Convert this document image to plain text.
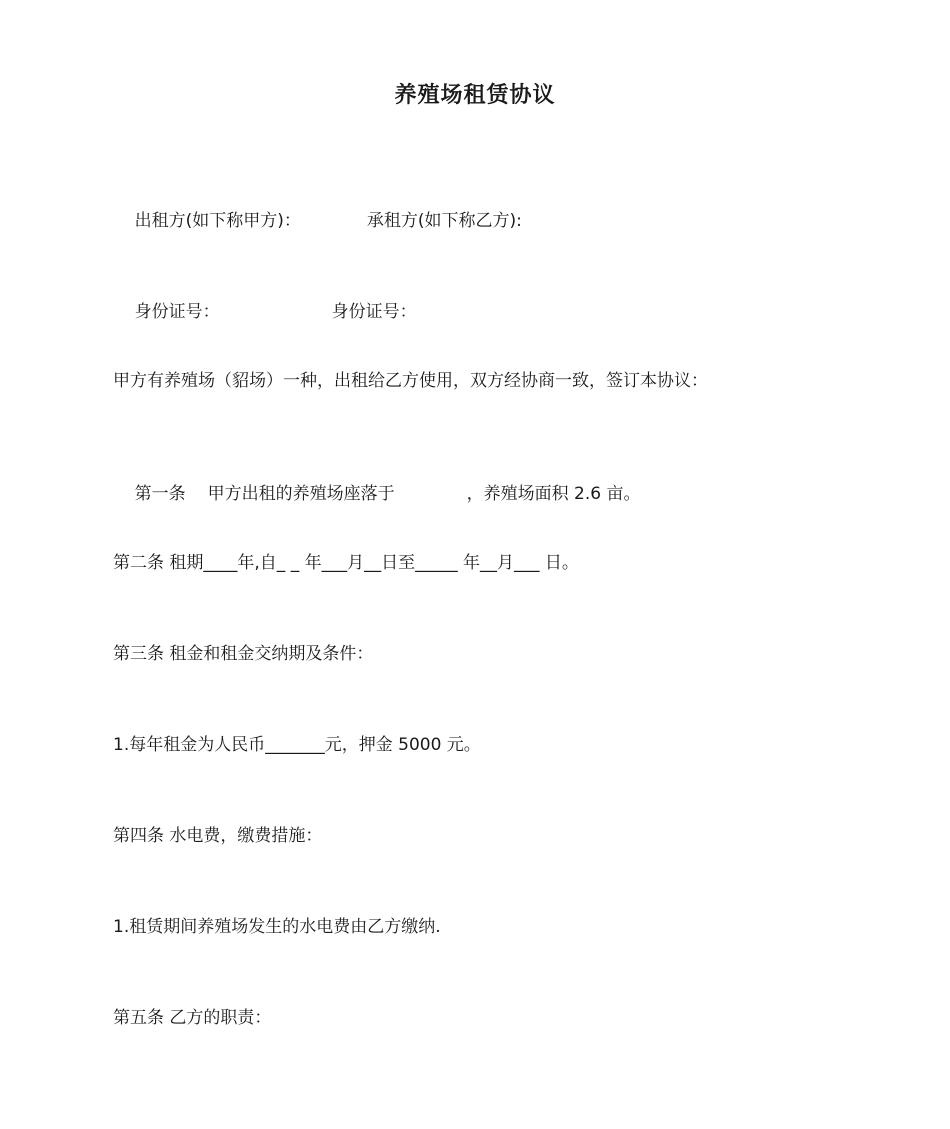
养殖场租赁协议

出租方(如下称甲方)：	承租方(如下称乙方):

身份证号：	身份证号：

甲方有养殖场（貂场）一种，出租给乙方使用，双方经协商一致，签订本协议：

第一条 甲方出租的养殖场座落于	，养殖场面积 2.6 亩。

第二条 租期____年,自_ _ 年___月__日至_____ 年__月___ 日。
第三条 租金和租金交纳期及条件：
1.每年租金为人民币_______元，押金 5000 元。
第四条 水电费，缴费措施：
1.租赁期间养殖场发生的水电费由乙方缴纳.
第五条 乙方的职责：
